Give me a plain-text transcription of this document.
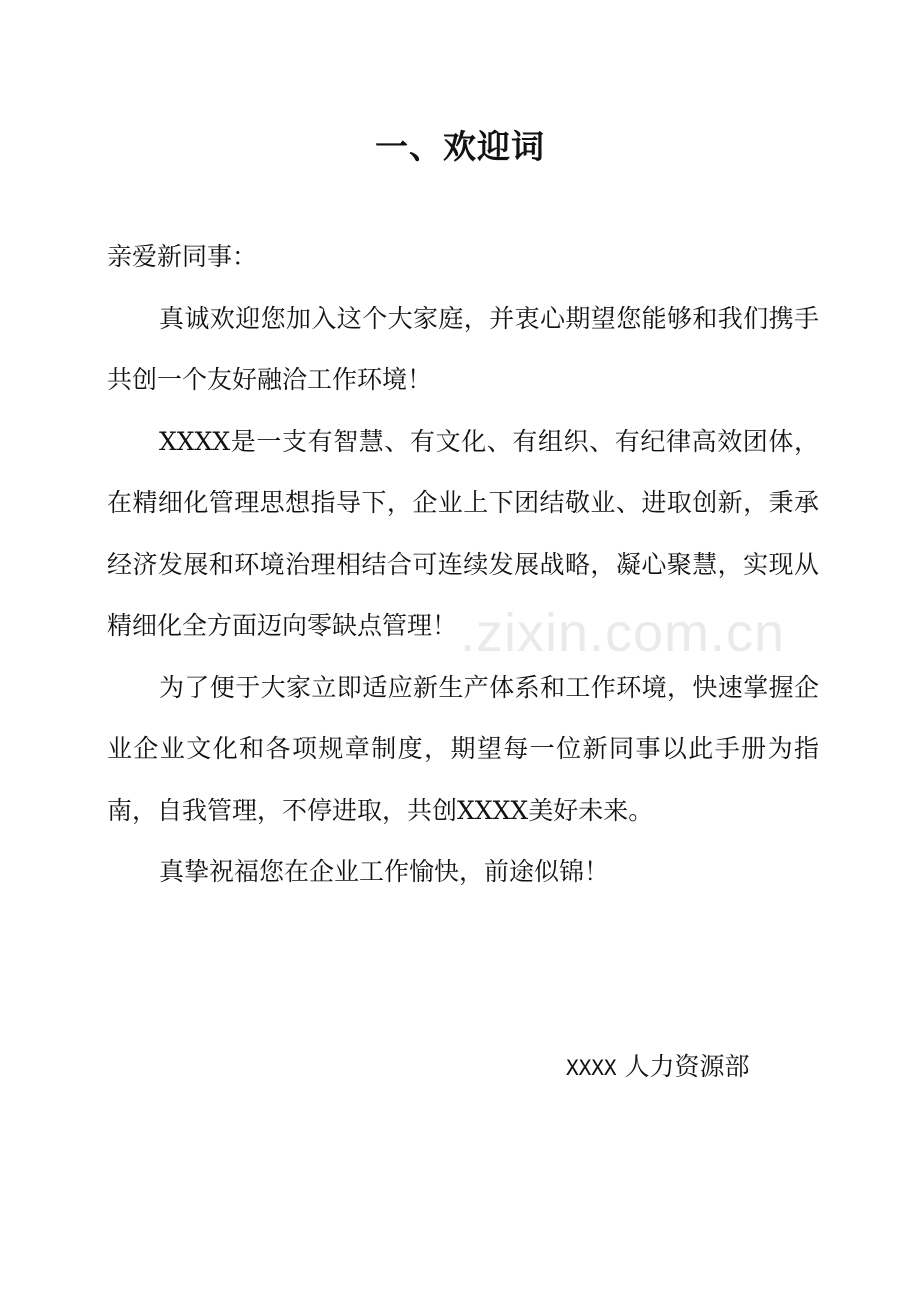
.zixin.com.cn
一、欢迎词

亲爱新同事：

真诚欢迎您加入这个大家庭，并衷心期望您能够和我们携手共创一个友好融洽工作环境！

XXXX是一支有智慧、有文化、有组织、有纪律高效团体，在精细化管理思想指导下，企业上下团结敬业、进取创新，秉承经济发展和环境治理相结合可连续发展战略，凝心聚慧，实现从精细化全方面迈向零缺点管理！

为了便于大家立即适应新生产体系和工作环境，快速掌握企业企业文化和各项规章制度，期望每一位新同事以此手册为指南，自我管理，不停进取，共创XXXX美好未来。

真挚祝福您在企业工作愉快，前途似锦！

XXXX 人力资源部
